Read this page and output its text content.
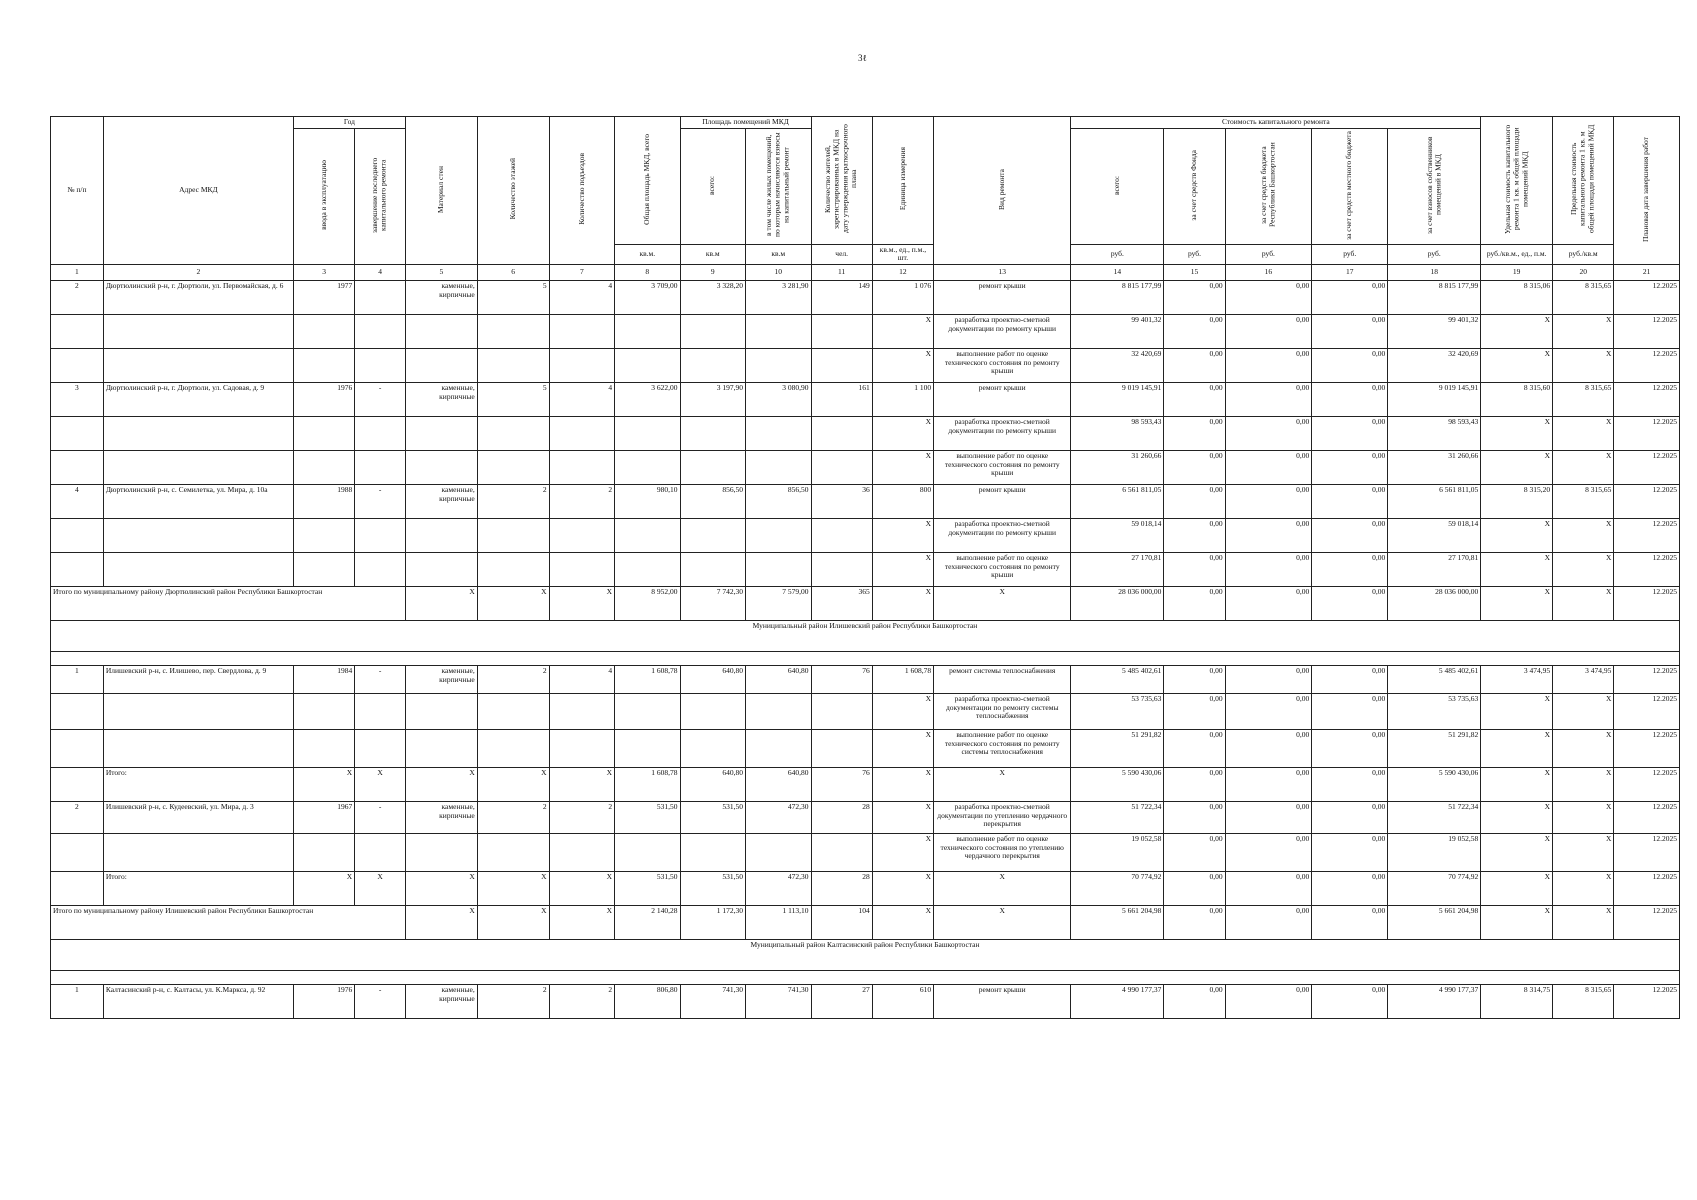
3ℓ
№ п/п	Адрес МКД	Год		Материал стен	Количество этажей	Количество подъездов	Общая площадь МКД, всего	Площадь помещений МКД		Количество жителей, зарегистрированных в МКД на дату утверждения краткосрочного плана	Единица измерения	Вид ремонта	Стоимость капитального ремонта					Удельная стоимость капитального ремонта 1 кв. м общей площади помещений МКД	Предельная стоимость капитального ремонта 1 кв. м общей площади помещений МКД	Плановая дата завершения работ
		ввода в эксплуатацию	завершение последнего капитального ремонта					всего:	в том числе жилых помещений, по которым начисляются взносы на капитальный ремонт				всего:	за счет средств Фонда	за счет средств бюджета Республики Башкортостан	за счет средств местного бюджета	за счет взносов собственников помещений в МКД			
							кв.м.	кв.м	кв.м	чел.	кв.м., ед., п.м., шт.		руб.	руб.	руб.	руб.	руб.	руб./кв.м., ед., п.м.	руб./кв.м	
1	2	3	4	5	6	7	8	9	10	11	12	13	14	15	16	17	18	19	20	21
2	Дюртюлинский р-н, г. Дюртюли, ул. Первомайская, д. 6	1977		каменные, кирпичные	5	4	3 709,00	3 328,20	3 281,90	149	1 076	ремонт крыши	8 815 177,99	0,00	0,00	0,00	8 815 177,99	8 315,06	8 315,65	12.2025
											X	разработка проектно-сметной документации по ремонту крыши	99 401,32	0,00	0,00	0,00	99 401,32	X	X	12.2025
											X	выполнение работ по оценке технического состояния по ремонту крыши	32 420,69	0,00	0,00	0,00	32 420,69	X	X	12.2025
3	Дюртюлинский р-н, г. Дюртюли, ул. Садовая, д. 9	1976	-	каменные, кирпичные	5	4	3 622,00	3 197,90	3 080,90	161	1 100	ремонт крыши	9 019 145,91	0,00	0,00	0,00	9 019 145,91	8 315,60	8 315,65	12.2025
											X	разработка проектно-сметной документации по ремонту крыши	98 593,43	0,00	0,00	0,00	98 593,43	X	X	12.2025
											X	выполнение работ по оценке технического состояния по ремонту крыши	31 260,66	0,00	0,00	0,00	31 260,66	X	X	12.2025
4	Дюртюлинский р-н, с. Семилетка, ул. Мира, д. 10а	1988	-	каменные, кирпичные	2	2	980,10	856,50	856,50	36	800	ремонт крыши	6 561 811,05	0,00	0,00	0,00	6 561 811,05	8 315,20	8 315,65	12.2025
											X	разработка проектно-сметной документации по ремонту крыши	59 018,14	0,00	0,00	0,00	59 018,14	X	X	12.2025
											X	выполнение работ по оценке технического состояния по ремонту крыши	27 170,81	0,00	0,00	0,00	27 170,81	X	X	12.2025
Итого по муниципальному району Дюртюлинский район Республики Башкортостан				X	X	X	8 952,00	7 742,30	7 579,00	365	X	X	28 036 000,00	0,00	0,00	0,00	28 036 000,00	X	X	12.2025
Муниципальный район Илишевский район Республики Башкортостан																				

1	Илишевский р-н, с. Илишево, пер. Свердлова, д. 9	1984	-	каменные, кирпичные	2	4	1 608,78	640,80	640,80	76	1 608,78	ремонт системы теплоснабжения	5 485 402,61	0,00	0,00	0,00	5 485 402,61	3 474,95	3 474,95	12.2025
											X	разработка проектно-сметной документации по ремонту системы теплоснабжения	53 735,63	0,00	0,00	0,00	53 735,63	X	X	12.2025
											X	выполнение работ по оценке технического состояния по ремонту системы теплоснабжения	51 291,82	0,00	0,00	0,00	51 291,82	X	X	12.2025
	Итого:	X	X	X	X	X	1 608,78	640,80	640,80	76	X	X	5 590 430,06	0,00	0,00	0,00	5 590 430,06	X	X	12.2025
2	Илишевский р-н, с. Кудеевский, ул. Мира, д. 3	1967	-	каменные, кирпичные	2	2	531,50	531,50	472,30	28	X	разработка проектно-сметной документации по утеплению чердачного перекрытия	51 722,34	0,00	0,00	0,00	51 722,34	X	X	12.2025
											X	выполнение работ по оценке технического состояния по утеплению чердачного перекрытия	19 052,58	0,00	0,00	0,00	19 052,58	X	X	12.2025
	Итого:	X	X	X	X	X	531,50	531,50	472,30	28	X	X	70 774,92	0,00	0,00	0,00	70 774,92	X	X	12.2025
Итого по муниципальному району Илишевский район Республики Башкортостан				X	X	X	2 140,28	1 172,30	1 113,10	104	X	X	5 661 204,98	0,00	0,00	0,00	5 661 204,98	X	X	12.2025
Муниципальный район Калтасинский район Республики Башкортостан																				

1	Калтасинский р-н, с. Калтасы, ул. К.Маркса, д. 92	1976	-	каменные, кирпичные	2	2	806,80	741,30	741,30	27	610	ремонт крыши	4 990 177,37	0,00	0,00	0,00	4 990 177,37	8 314,75	8 315,65	12.2025
